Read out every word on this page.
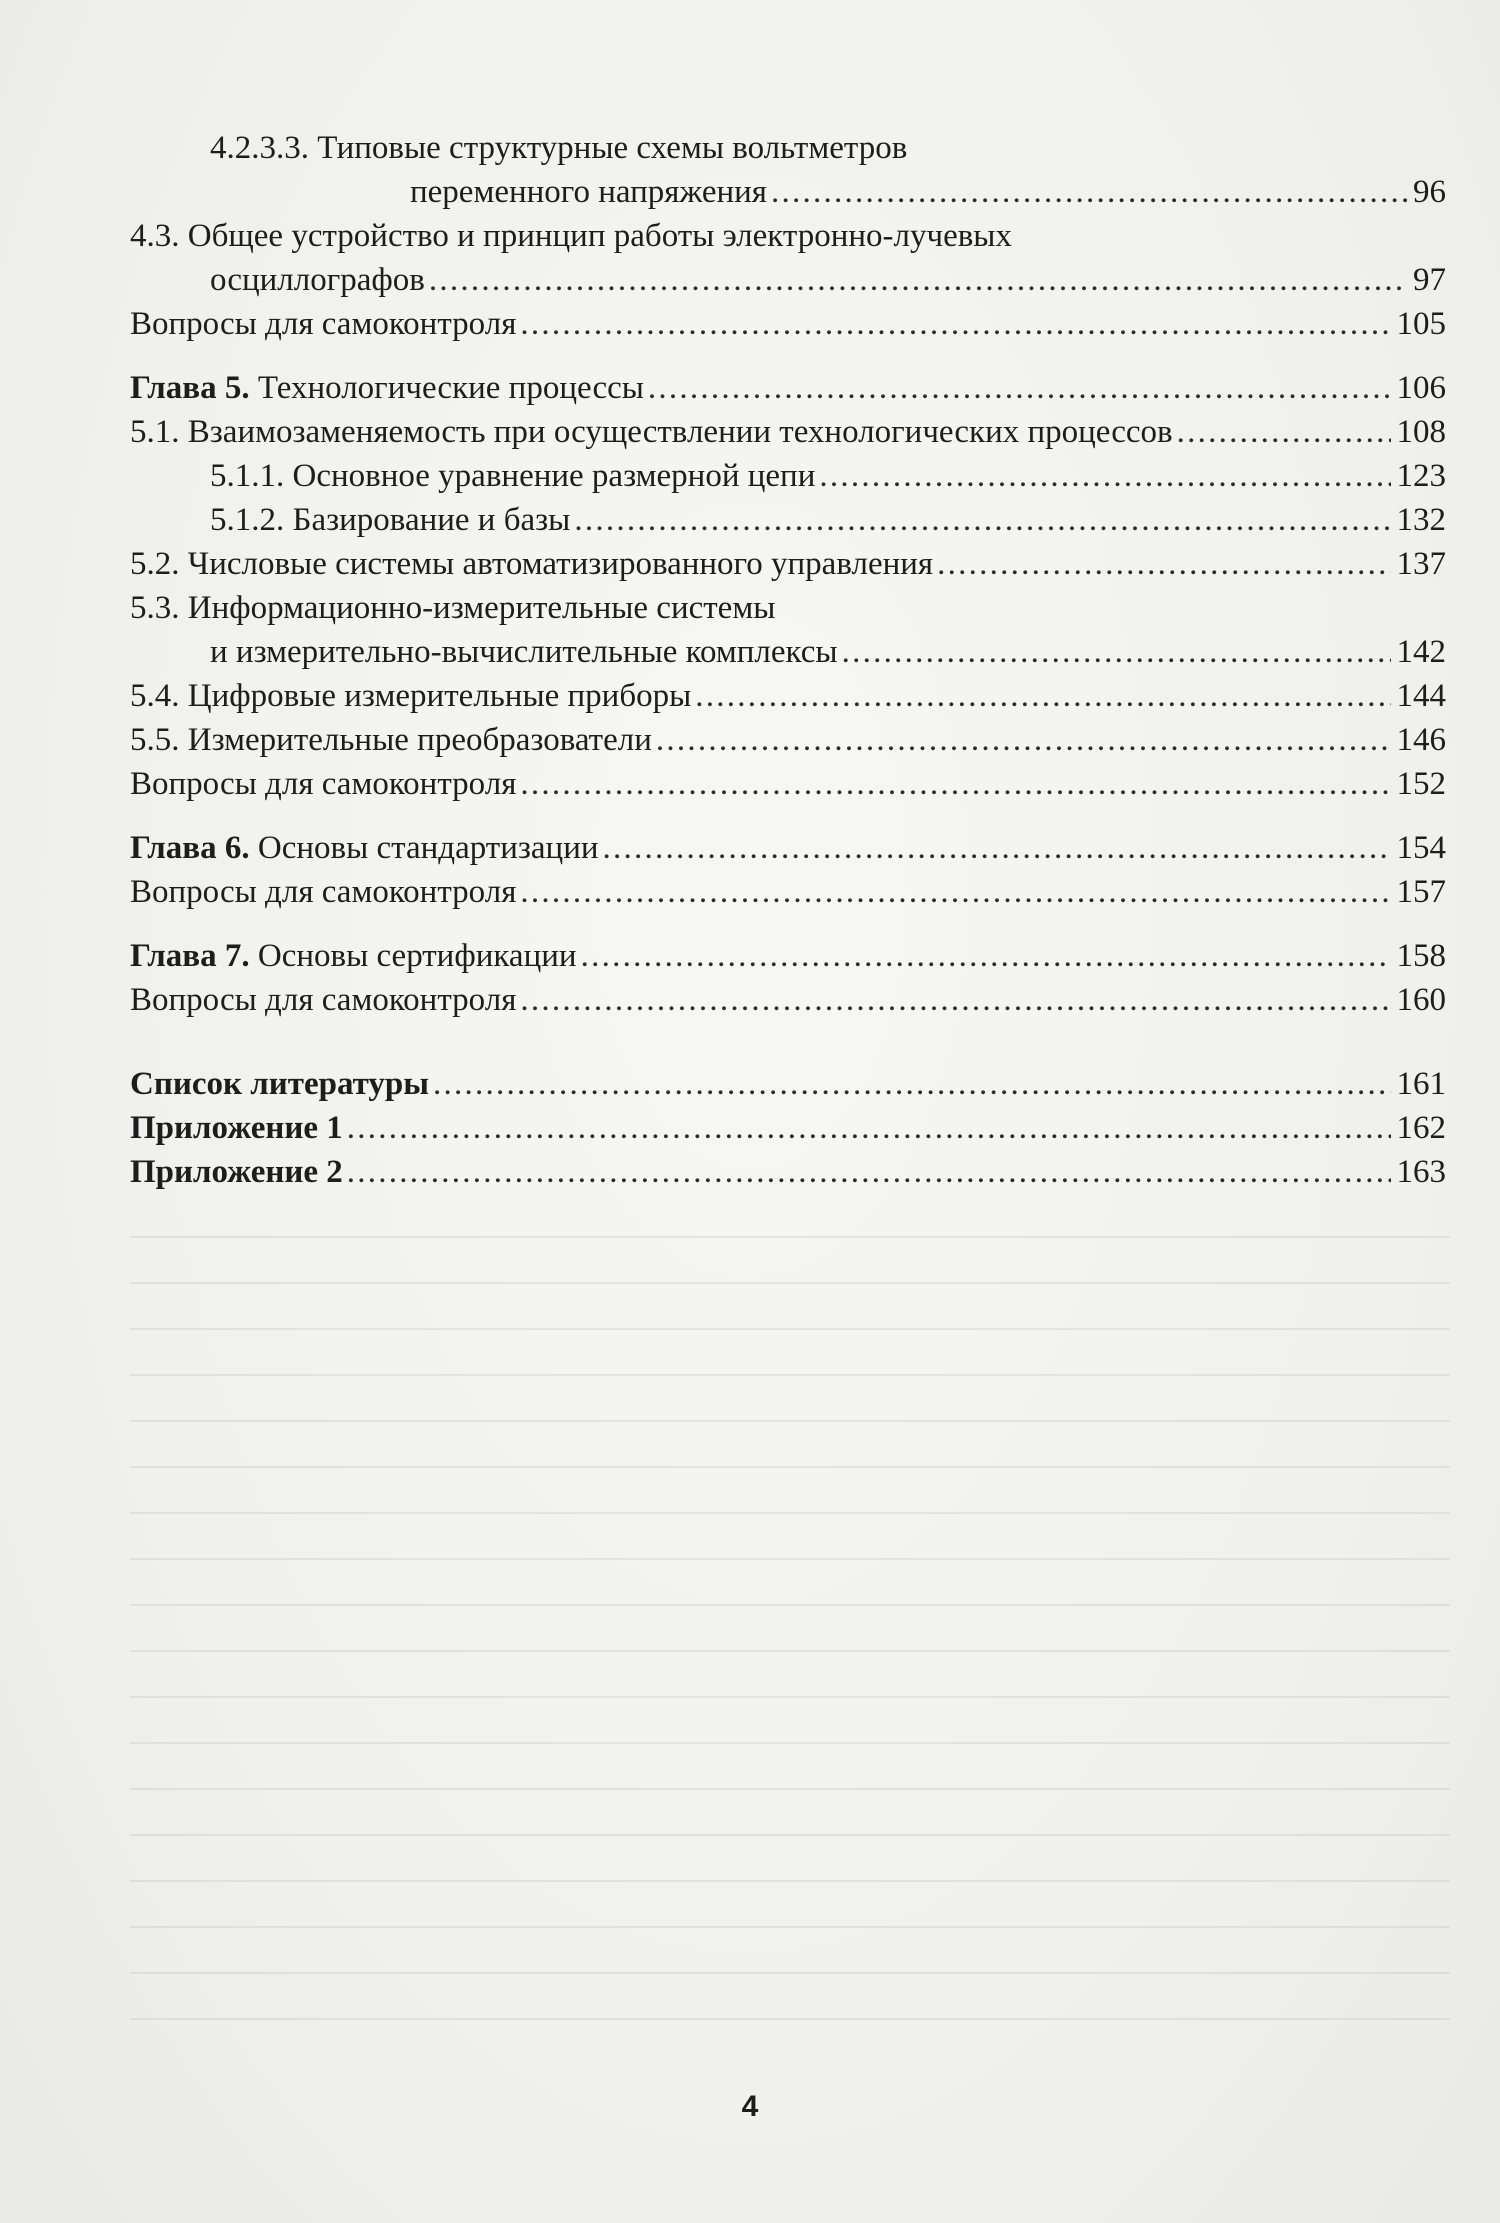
4.2.3.3. Типовые структурные схемы вольтметров
переменного напряжения . . .	96
4.3. Общее устройство и принцип работы электронно-лучевых
осциллографов . . .	97
Вопросы для самоконтроля . . .	105
Глава 5. Технологические процессы . . .	106
5.1. Взаимозаменяемость при осуществлении технологических процессов . . .	108
5.1.1. Основное уравнение размерной цепи . . .	123
5.1.2. Базирование и базы . . .	132
5.2. Числовые системы автоматизированного управления . . .	137
5.3. Информационно-измерительные системы
и измерительно-вычислительные комплексы . . .	142
5.4. Цифровые измерительные приборы . . .	144
5.5. Измерительные преобразователи . . .	146
Вопросы для самоконтроля . . .	152
Глава 6. Основы стандартизации . . .	154
Вопросы для самоконтроля . . .	157
Глава 7. Основы сертификации . . .	158
Вопросы для самоконтроля . . .	160
Список литературы . . .	161
Приложение 1 . . .	162
Приложение 2 . . .	163
4
